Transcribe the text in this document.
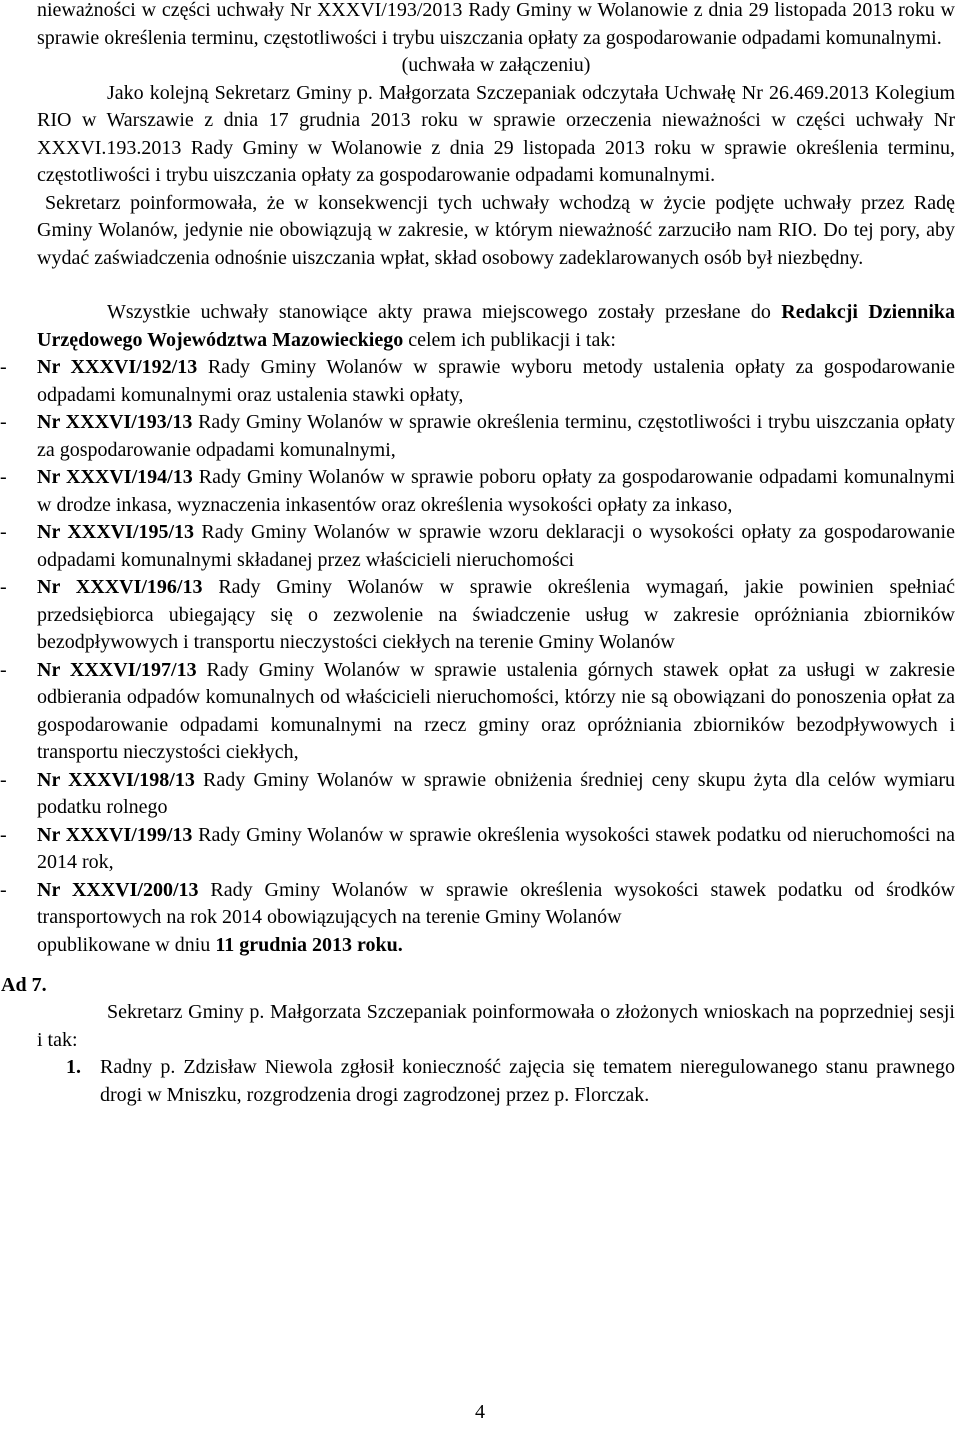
nieważności w części uchwały Nr XXXVI/193/2013 Rady Gminy w Wolanowie z dnia 29 listopada 2013 roku w sprawie określenia terminu, częstotliwości i trybu uiszczania opłaty za gospodarowanie odpadami komunalnymi.

(uchwała w załączeniu)

Jako kolejną Sekretarz Gminy p. Małgorzata Szczepaniak odczytała Uchwałę Nr 26.469.2013 Kolegium RIO w Warszawie z dnia 17 grudnia 2013 roku w sprawie orzeczenia nieważności w części uchwały Nr XXXVI.193.2013 Rady Gminy w Wolanowie z dnia 29 listopada 2013 roku w sprawie określenia terminu, częstotliwości i trybu uiszczania opłaty za gospodarowanie odpadami komunalnymi.

Sekretarz poinformowała, że w konsekwencji tych uchwały wchodzą w życie podjęte uchwały przez Radę Gminy Wolanów, jedynie nie obowiązują w zakresie, w którym nieważność zarzuciło nam RIO. Do tej pory, aby wydać zaświadczenia odnośnie uiszczania wpłat, skład osobowy zadeklarowanych osób był niezbędny.

Wszystkie uchwały stanowiące akty prawa miejscowego zostały przesłane do Redakcji Dziennika Urzędowego Województwa Mazowieckiego celem ich publikacji i tak:

- Nr XXXVI/192/13 Rady Gminy Wolanów w sprawie wyboru metody ustalenia opłaty za gospodarowanie odpadami komunalnymi oraz ustalenia stawki opłaty,
- Nr XXXVI/193/13 Rady Gminy Wolanów w sprawie określenia terminu, częstotliwości i trybu uiszczania opłaty za gospodarowanie odpadami komunalnymi,
- Nr XXXVI/194/13 Rady Gminy Wolanów w sprawie poboru opłaty za gospodarowanie odpadami komunalnymi w drodze inkasa, wyznaczenia inkasentów oraz określenia wysokości opłaty za inkaso,
- Nr XXXVI/195/13 Rady Gminy Wolanów w sprawie wzoru deklaracji o wysokości opłaty za gospodarowanie odpadami komunalnymi składanej przez właścicieli nieruchomości
- Nr XXXVI/196/13 Rady Gminy Wolanów w sprawie określenia wymagań, jakie powinien spełniać przedsiębiorca ubiegający się o zezwolenie na świadczenie usług w zakresie opróżniania zbiorników bezodpływowych i transportu nieczystości ciekłych na terenie Gminy Wolanów
- Nr XXXVI/197/13 Rady Gminy Wolanów w sprawie ustalenia górnych stawek opłat za usługi w zakresie odbierania odpadów komunalnych od właścicieli nieruchomości, którzy nie są obowiązani do ponoszenia opłat za gospodarowanie odpadami komunalnymi na rzecz gminy oraz opróżniania zbiorników bezodpływowych i transportu nieczystości ciekłych,
- Nr XXXVI/198/13 Rady Gminy Wolanów w sprawie obniżenia średniej ceny skupu żyta dla celów wymiaru podatku rolnego
- Nr XXXVI/199/13 Rady Gminy Wolanów w sprawie określenia wysokości stawek podatku od nieruchomości na 2014 rok,
- Nr XXXVI/200/13 Rady Gminy Wolanów w sprawie określenia wysokości stawek podatku od środków transportowych na rok 2014 obowiązujących na terenie Gminy Wolanów

opublikowane w dniu 11 grudnia 2013 roku.

Ad 7.

Sekretarz Gminy p. Małgorzata Szczepaniak poinformowała o złożonych wnioskach na poprzedniej sesji i tak:

1. Radny p. Zdzisław Niewola zgłosił konieczność zajęcia się tematem nieregulowanego stanu prawnego drogi w Mniszku, rozgrodzenia drogi zagrodzonej przez p. Florczak.
4
